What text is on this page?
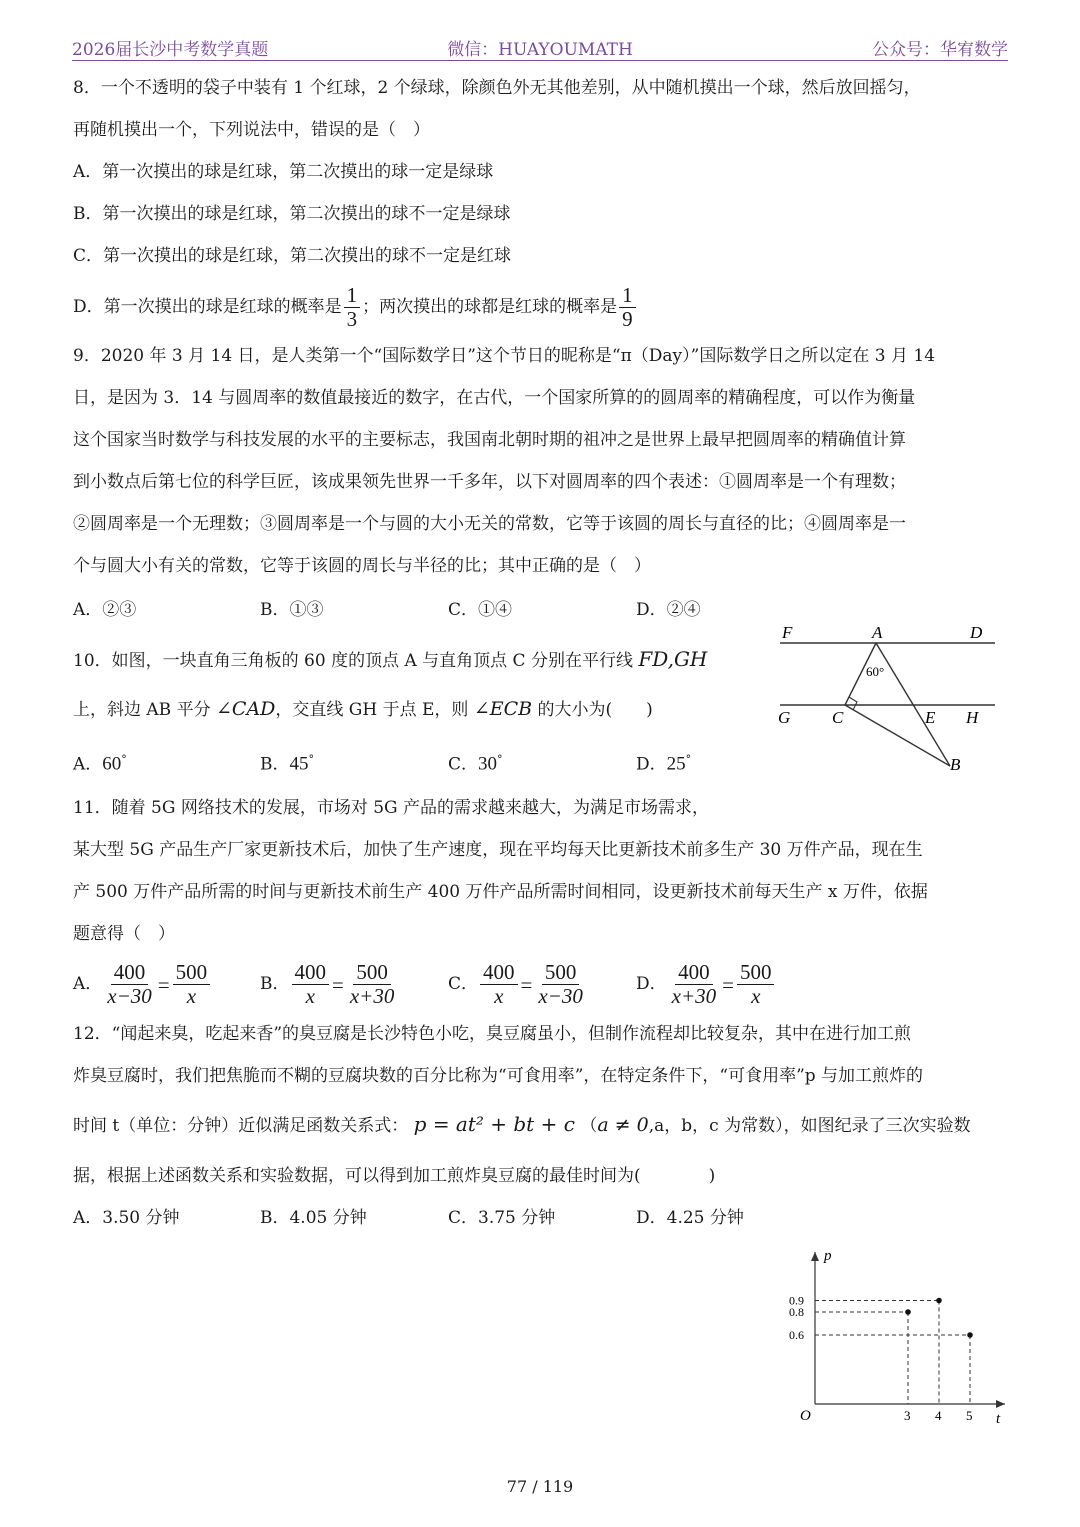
2026届长沙中考数学真题	微信：HUAYOUMATH	公众号：华宥数学
8．一个不透明的袋子中装有 1 个红球，2 个绿球，除颜色外无其他差别，从中随机摸出一个球，然后放回摇匀，
再随机摸出一个，下列说法中，错误的是（　）
A．第一次摸出的球是红球，第二次摸出的球一定是绿球
B．第一次摸出的球是红球，第二次摸出的球不一定是绿球
C．第一次摸出的球是红球，第二次摸出的球不一定是红球
D．第一次摸出的球是红球的概率是 $\frac{1}{3}$ ；两次摸出的球都是红球的概率是 $\frac{1}{9}$
9．2020 年 3 月 14 日，是人类第一个“国际数学日”这个节日的昵称是“π（Day）”国际数学日之所以定在 3 月 14
日，是因为 3．14 与圆周率的数值最接近的数字，在古代，一个国家所算的的圆周率的精确程度，可以作为衡量
这个国家当时数学与科技发展的水平的主要标志，我国南北朝时期的祖冲之是世界上最早把圆周率的精确值计算
到小数点后第七位的科学巨匠，该成果领先世界一千多年，以下对圆周率的四个表述：①圆周率是一个有理数；
②圆周率是一个无理数；③圆周率是一个与圆的大小无关的常数，它等于该圆的周长与直径的比；④圆周率是一
个与圆大小有关的常数，它等于该圆的周长与半径的比；其中正确的是（　）
A．②③	B．①③	C．①④	D．②④
10．如图，一块直角三角板的 60 度的顶点 A 与直角顶点 C 分别在平行线 FD,GH
上，斜边 AB 平分 ∠CAD，交直线 GH 于点 E，则 ∠ECB 的大小为(　　)
A．60°	B．45°	C．30°	D．25°
F	A	D
60°
G C	E H
B
11．随着 5G 网络技术的发展，市场对 5G 产品的需求越来越大，为满足市场需求，
某大型 5G 产品生产厂家更新技术后，加快了生产速度，现在平均每天比更新技术前多生产 30 万件产品，现在生
产 500 万件产品所需的时间与更新技术前生产 400 万件产品所需时间相同，设更新技术前每天生产 x 万件，依据
题意得（　）
A． $\frac{400}{x-30} = \frac{500}{x}$	B． $\frac{400}{x} = \frac{500}{x+30}$	C． $\frac{400}{x} = \frac{500}{x-30}$	D． $\frac{400}{x+30} = \frac{500}{x}$
12．“闻起来臭，吃起来香”的臭豆腐是长沙特色小吃，臭豆腐虽小，但制作流程却比较复杂，其中在进行加工煎
炸臭豆腐时，我们把焦脆而不糊的豆腐块数的百分比称为“可食用率”，在特定条件下，“可食用率”p 与加工煎炸的
时间 t（单位：分钟）近似满足函数关系式： p = at² + bt + c （a ≠ 0,a，b，c 为常数），如图纪录了三次实验数
据，根据上述函数关系和实验数据，可以得到加工煎炸臭豆腐的最佳时间为(　　　　)
A．3.50 分钟	B．4.05 分钟	C．3.75 分钟	D．4.25 分钟
O	t
p
3 4 5
0.9
0.8
0.6
77 / 119
